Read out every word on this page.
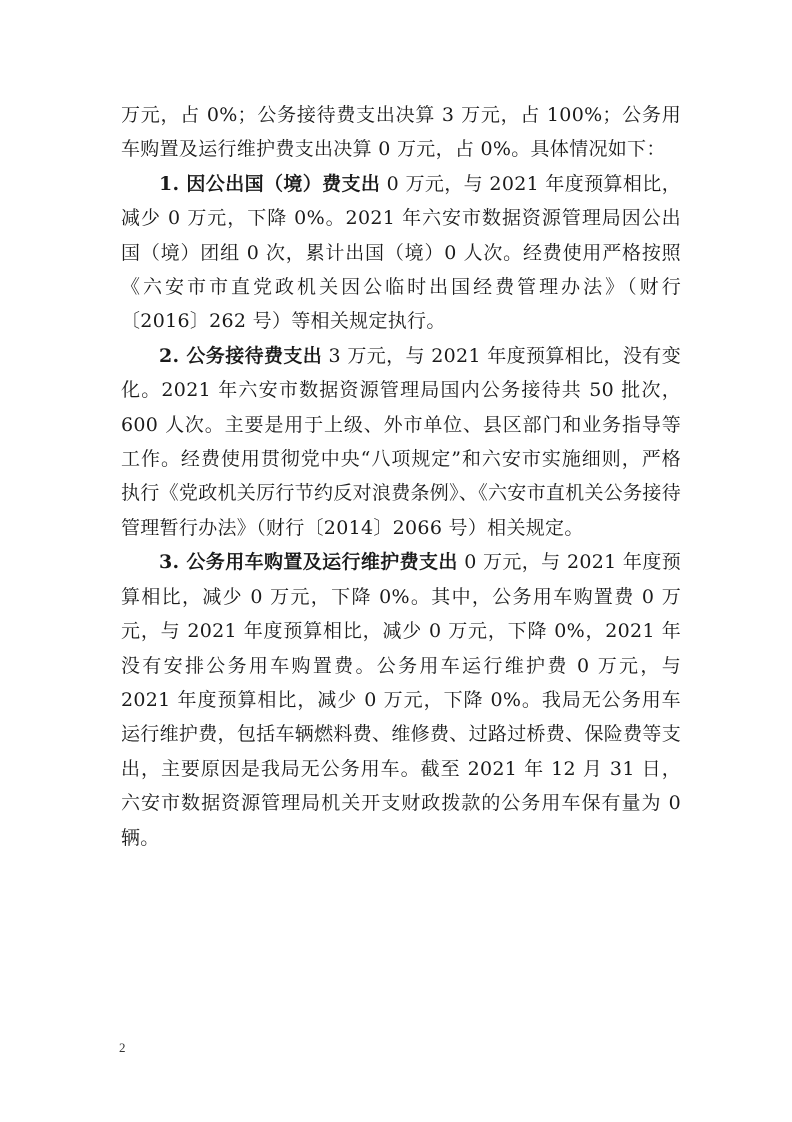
万元，占 0%；公务接待费支出决算 3 万元，占 100%；公务用车购置及运行维护费支出决算 0 万元，占 0%。具体情况如下：

1. 因公出国（境）费支出 0 万元，与 2021 年度预算相比，减少 0 万元，下降 0%。2021 年六安市数据资源管理局因公出国（境）团组 0 次，累计出国（境）0 人次。经费使用严格按照《六安市市直党政机关因公临时出国经费管理办法》（财行〔2016〕262 号）等相关规定执行。

2. 公务接待费支出 3 万元，与 2021 年度预算相比，没有变化。2021 年六安市数据资源管理局国内公务接待共 50 批次，600 人次。主要是用于上级、外市单位、县区部门和业务指导等工作。经费使用贯彻党中央“八项规定”和六安市实施细则，严格执行《党政机关厉行节约反对浪费条例》、《六安市直机关公务接待管理暂行办法》（财行〔2014〕2066 号）相关规定。

3. 公务用车购置及运行维护费支出 0 万元，与 2021 年度预算相比，减少 0 万元，下降 0%。其中，公务用车购置费 0 万元，与 2021 年度预算相比，减少 0 万元，下降 0%，2021 年没有安排公务用车购置费。公务用车运行维护费 0 万元，与 2021 年度预算相比，减少 0 万元，下降 0%。我局无公务用车运行维护费，包括车辆燃料费、维修费、过路过桥费、保险费等支出，主要原因是我局无公务用车。截至 2021 年 12 月 31 日，六安市数据资源管理局机关开支财政拨款的公务用车保有量为 0 辆。

2
